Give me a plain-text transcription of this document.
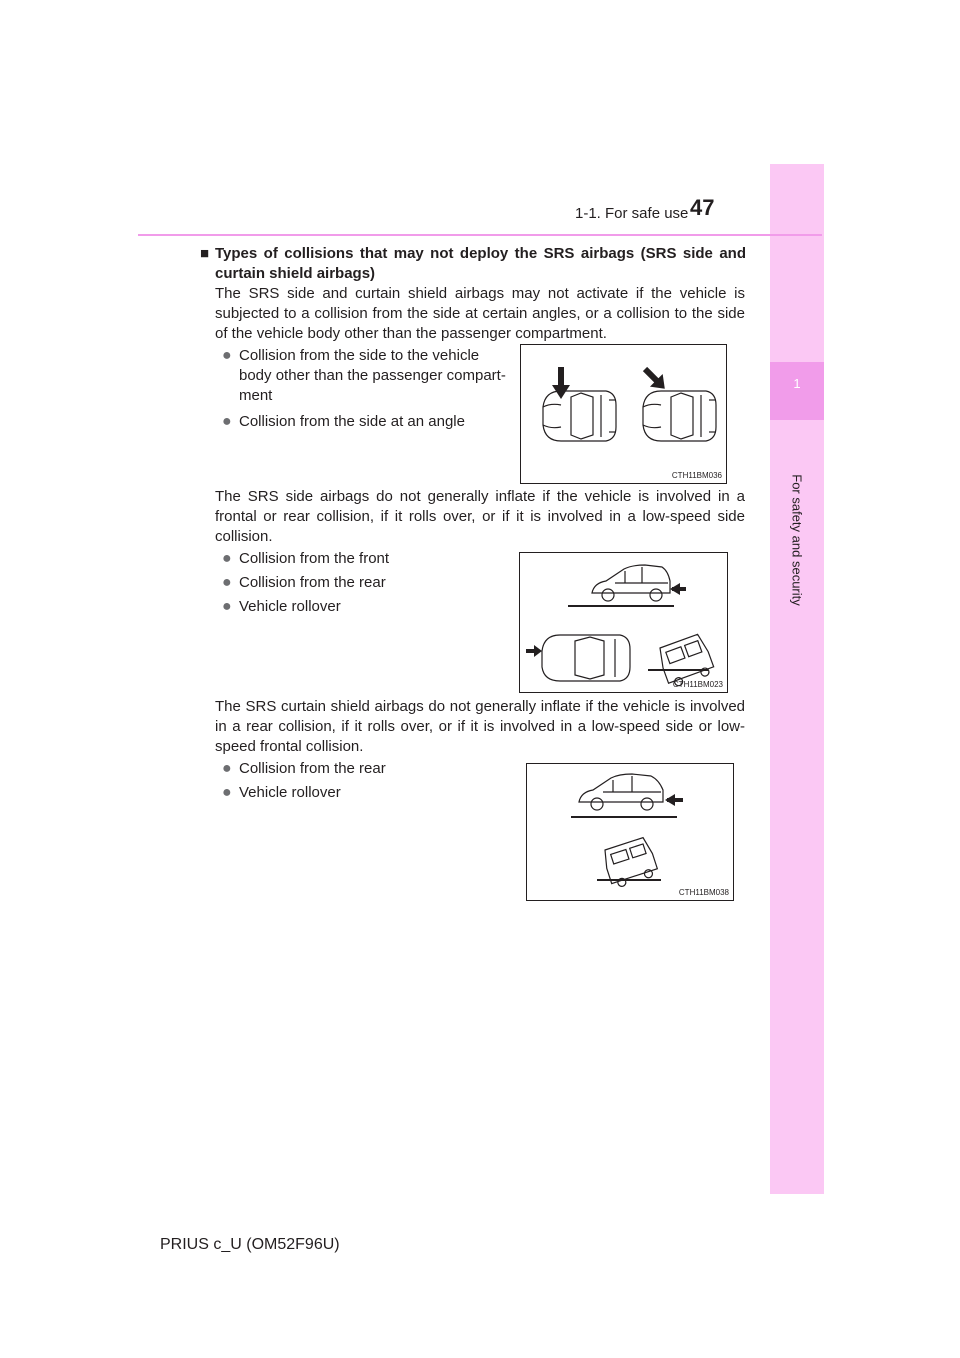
1
For safety and security
1-1. For safe use 47
■ Types of collisions that may not deploy the SRS airbags (SRS side and curtain shield airbags)

The SRS side and curtain shield airbags may not activate if the vehicle is subjected to a collision from the side at certain angles, or a collision to the side of the vehicle body other than the passenger compartment.

● Collision from the side to the vehicle body other than the passenger compart-ment
● Collision from the side at an angle
CTH11BM036

The SRS side airbags do not generally inflate if the vehicle is involved in a frontal or rear collision, if it rolls over, or if it is involved in a low-speed side collision.

● Collision from the front
● Collision from the rear
● Vehicle rollover
CTH11BM023

The SRS curtain shield airbags do not generally inflate if the vehicle is involved in a rear collision, if it rolls over, or if it is involved in a low-speed side or low-speed frontal collision.

● Collision from the rear
● Vehicle rollover
CTH11BM038
PRIUS c_U (OM52F96U)
